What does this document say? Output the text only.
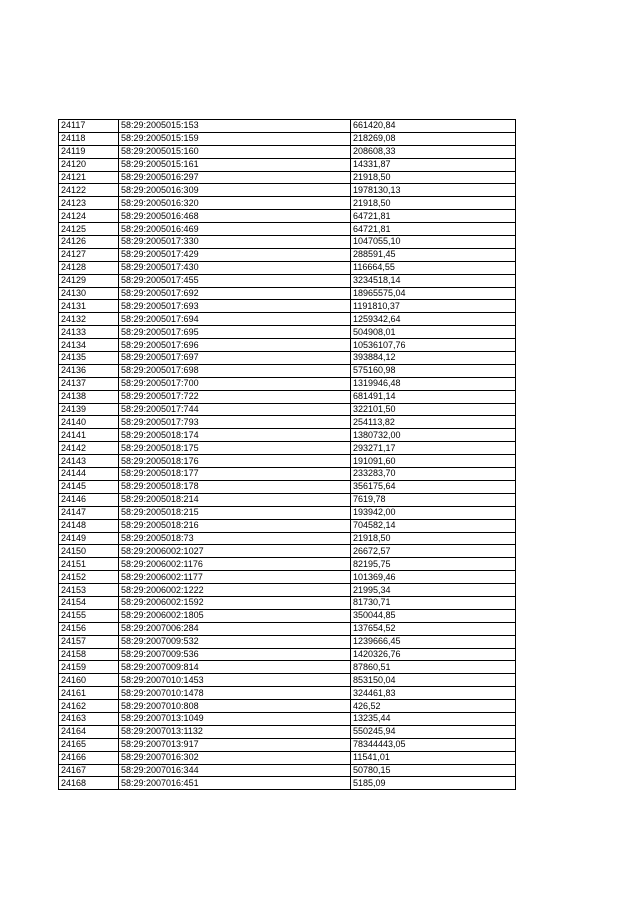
24117	58:29:2005015:153	661420,84
24118	58:29:2005015:159	218269,08
24119	58:29:2005015:160	208608,33
24120	58:29:2005015:161	14331,87
24121	58:29:2005016:297	21918,50
24122	58:29:2005016:309	1978130,13
24123	58:29:2005016:320	21918,50
24124	58:29:2005016:468	64721,81
24125	58:29:2005016:469	64721,81
24126	58:29:2005017:330	1047055,10
24127	58:29:2005017:429	288591,45
24128	58:29:2005017:430	116664,55
24129	58:29:2005017:455	3234518,14
24130	58:29:2005017:692	18965575,04
24131	58:29:2005017:693	1191810,37
24132	58:29:2005017:694	1259342,64
24133	58:29:2005017:695	504908,01
24134	58:29:2005017:696	10536107,76
24135	58:29:2005017:697	393884,12
24136	58:29:2005017:698	575160,98
24137	58:29:2005017:700	1319946,48
24138	58:29:2005017:722	681491,14
24139	58:29:2005017:744	322101,50
24140	58:29:2005017:793	254113,82
24141	58:29:2005018:174	1380732,00
24142	58:29:2005018:175	293271,17
24143	58:29:2005018:176	191091,60
24144	58:29:2005018:177	233283,70
24145	58:29:2005018:178	356175,64
24146	58:29:2005018:214	7619,78
24147	58:29:2005018:215	193942,00
24148	58:29:2005018:216	704582,14
24149	58:29:2005018:73	21918,50
24150	58:29:2006002:1027	26672,57
24151	58:29:2006002:1176	82195,75
24152	58:29:2006002:1177	101369,46
24153	58:29:2006002:1222	21995,34
24154	58:29:2006002:1592	81730,71
24155	58:29:2006002:1805	350044,85
24156	58:29:2007006:284	137654,52
24157	58:29:2007009:532	1239666,45
24158	58:29:2007009:536	1420326,76
24159	58:29:2007009:814	87860,51
24160	58:29:2007010:1453	853150,04
24161	58:29:2007010:1478	324461,83
24162	58:29:2007010:808	426,52
24163	58:29:2007013:1049	13235,44
24164	58:29:2007013:1132	550245,94
24165	58:29:2007013:917	78344443,05
24166	58:29:2007016:302	11541,01
24167	58:29:2007016:344	50780,15
24168	58:29:2007016:451	5185,09
